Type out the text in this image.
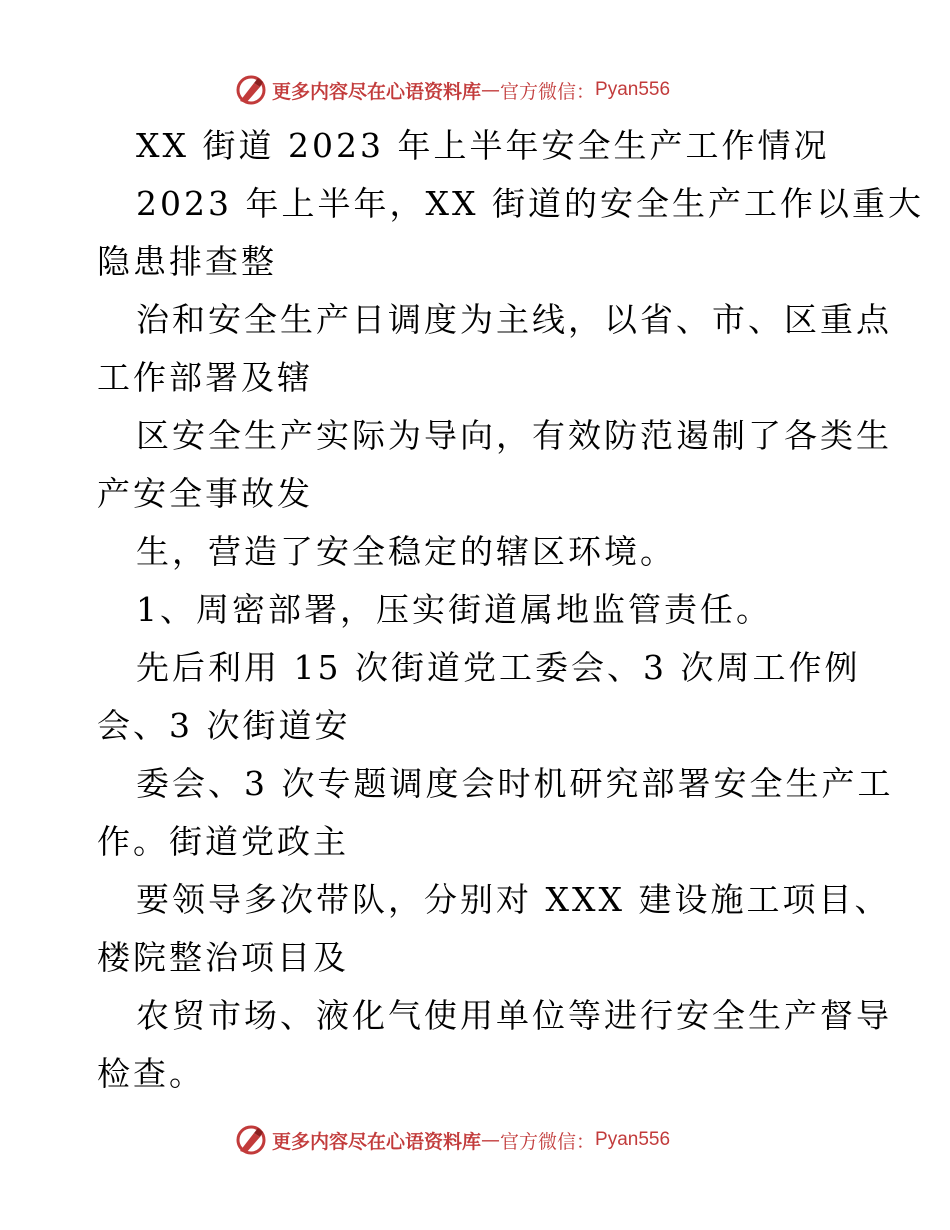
更多内容尽在心语资料库 — 官方微信： Pyan556
XX 街道 2023 年上半年安全生产工作情况
2023 年上半年，XX 街道的安全生产工作以重大
隐患排查整
治和安全生产日调度为主线，以省、市、区重点
工作部署及辖
区安全生产实际为导向，有效防范遏制了各类生
产安全事故发
生，营造了安全稳定的辖区环境。
1、周密部署，压实街道属地监管责任。
先后利用 15 次街道党工委会、3 次周工作例
会、3 次街道安
委会、3 次专题调度会时机研究部署安全生产工
作。街道党政主
要领导多次带队，分别对 XXX 建设施工项目、
楼院整治项目及
农贸市场、液化气使用单位等进行安全生产督导
检查。
更多内容尽在心语资料库 — 官方微信： Pyan556
